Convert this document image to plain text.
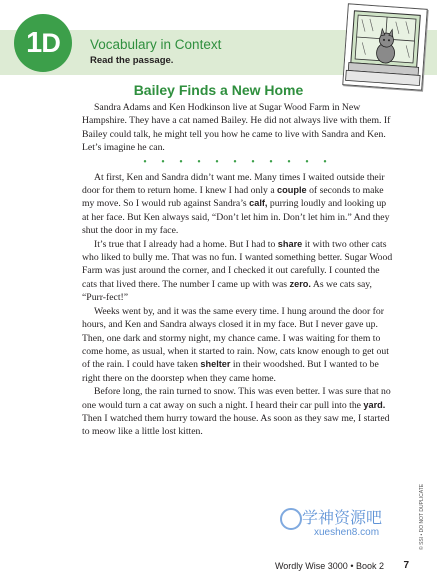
1 D Vocabulary in Context
Read the passage.
Bailey Finds a New Home

Sandra Adams and Ken Hodkinson live at Sugar Wood Farm in New Hampshire. They have a cat named Bailey. He did not always live with them. If Bailey could talk, he might tell you how he came to live with Sandra and Ken. Let’s imagine he can.

• • • • • • • • • • •

At first, Ken and Sandra didn’t want me. Many times I waited outside their door for them to return home. I knew I had only a couple of seconds to make my move. So I would rub against Sandra’s calf, purring loudly and looking up at her face. But Ken always said, “Don’t let him in. Don’t let him in.” And they shut the door in my face.

It’s true that I already had a home. But I had to share it with two other cats who liked to bully me. That was no fun. I wanted something better. Sugar Wood Farm was just around the corner, and I checked it out carefully. I counted the cats that lived there. The number I came up with was zero. As we cats say, “Purr-fect!”

Weeks went by, and it was the same every time. I hung around the door for hours, and Ken and Sandra always closed it in my face. But I never gave up. Then, one dark and stormy night, my chance came. I was waiting for them to come home, as usual, when it started to rain. Now, cats know enough to get out of the rain. I could have taken shelter in their woodshed. But I wanted to be right there on the doorstep when they came home.

Before long, the rain turned to snow. This was even better. I was sure that no one would turn a cat away on such a night. I heard their car pull into the yard. Then I watched them hurry toward the house. As soon as they saw me, I started to meow like a little lost kitten.

© SSI • DO NOT DUPLICATE
学神资源吧
xueshen8.com
Wordly Wise 3000 • Book 2 7
